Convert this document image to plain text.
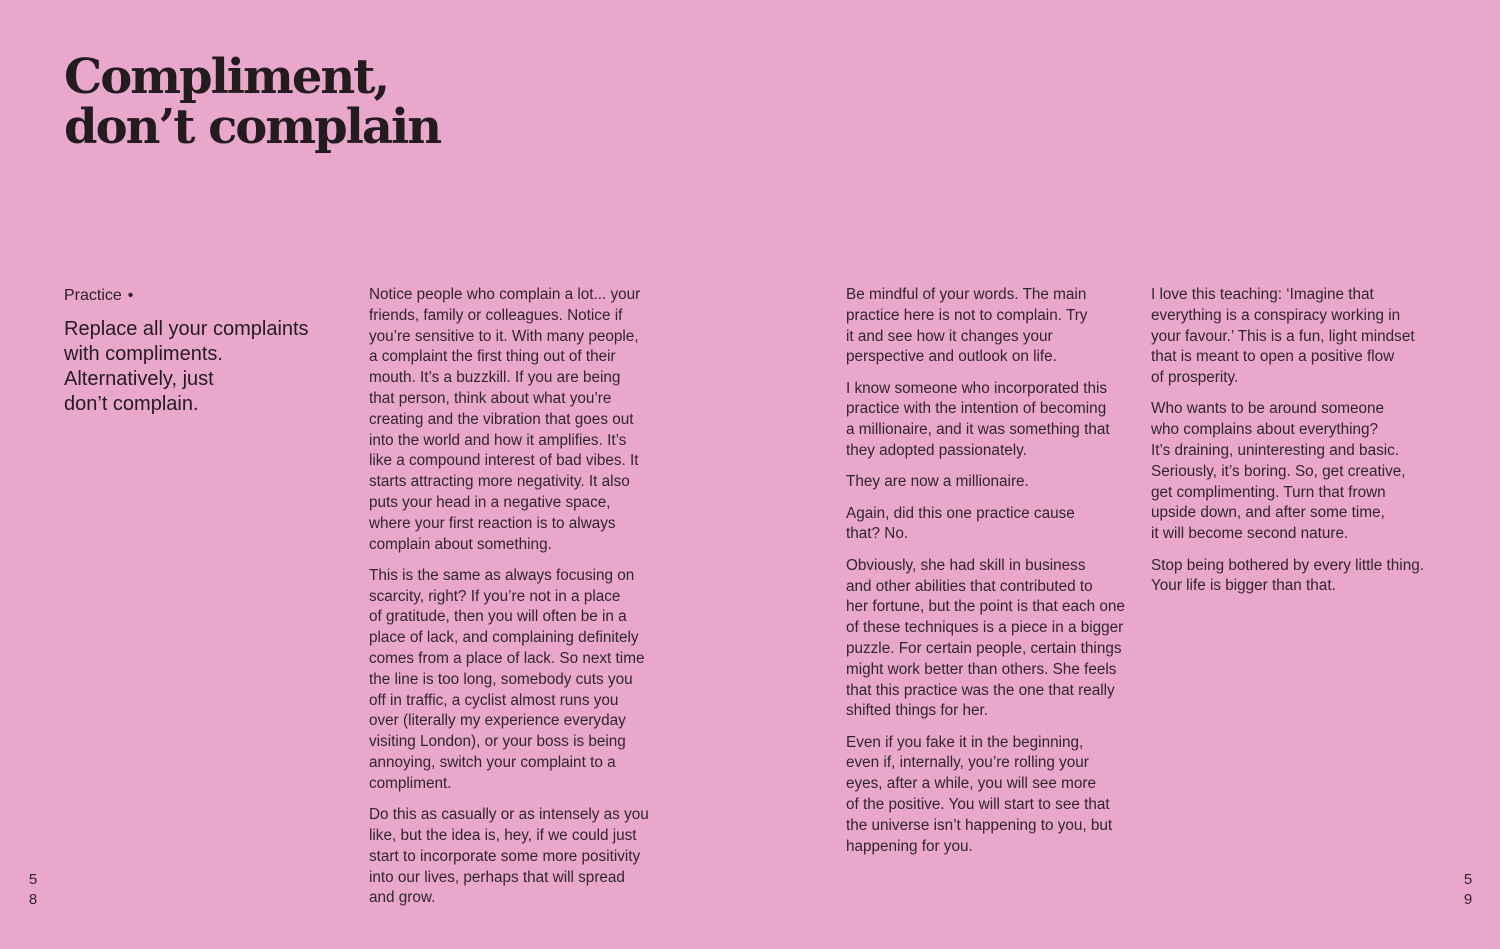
Compliment,
don’t complain
Practice •
Replace all your complaints
with compliments.
Alternatively, just
don’t complain.

Notice people who complain a lot... your
friends, family or colleagues. Notice if
you’re sensitive to it. With many people,
a complaint the first thing out of their
mouth. It’s a buzzkill. If you are being
that person, think about what you’re
creating and the vibration that goes out
into the world and how it amplifies. It’s
like a compound interest of bad vibes. It
starts attracting more negativity. It also
puts your head in a negative space,
where your first reaction is to always
complain about something.

This is the same as always focusing on
scarcity, right? If you’re not in a place
of gratitude, then you will often be in a
place of lack, and complaining definitely
comes from a place of lack. So next time
the line is too long, somebody cuts you
off in traffic, a cyclist almost runs you
over (literally my experience everyday
visiting London), or your boss is being
annoying, switch your complaint to a
compliment.

Do this as casually or as intensely as you
like, but the idea is, hey, if we could just
start to incorporate some more positivity
into our lives, perhaps that will spread
and grow.

Be mindful of your words. The main
practice here is not to complain. Try
it and see how it changes your
perspective and outlook on life.

I know someone who incorporated this
practice with the intention of becoming
a millionaire, and it was something that
they adopted passionately.

They are now a millionaire.

Again, did this one practice cause
that? No.

Obviously, she had skill in business
and other abilities that contributed to
her fortune, but the point is that each one
of these techniques is a piece in a bigger
puzzle. For certain people, certain things
might work better than others. She feels
that this practice was the one that really
shifted things for her.

Even if you fake it in the beginning,
even if, internally, you’re rolling your
eyes, after a while, you will see more
of the positive. You will start to see that
the universe isn’t happening to you, but
happening for you.

I love this teaching: ‘Imagine that
everything is a conspiracy working in
your favour.’ This is a fun, light mindset
that is meant to open a positive flow
of prosperity.

Who wants to be around someone
who complains about everything?
It’s draining, uninteresting and basic.
Seriously, it’s boring. So, get creative,
get complimenting. Turn that frown
upside down, and after some time,
it will become second nature.

Stop being bothered by every little thing.
Your life is bigger than that.

5
8
5
9
